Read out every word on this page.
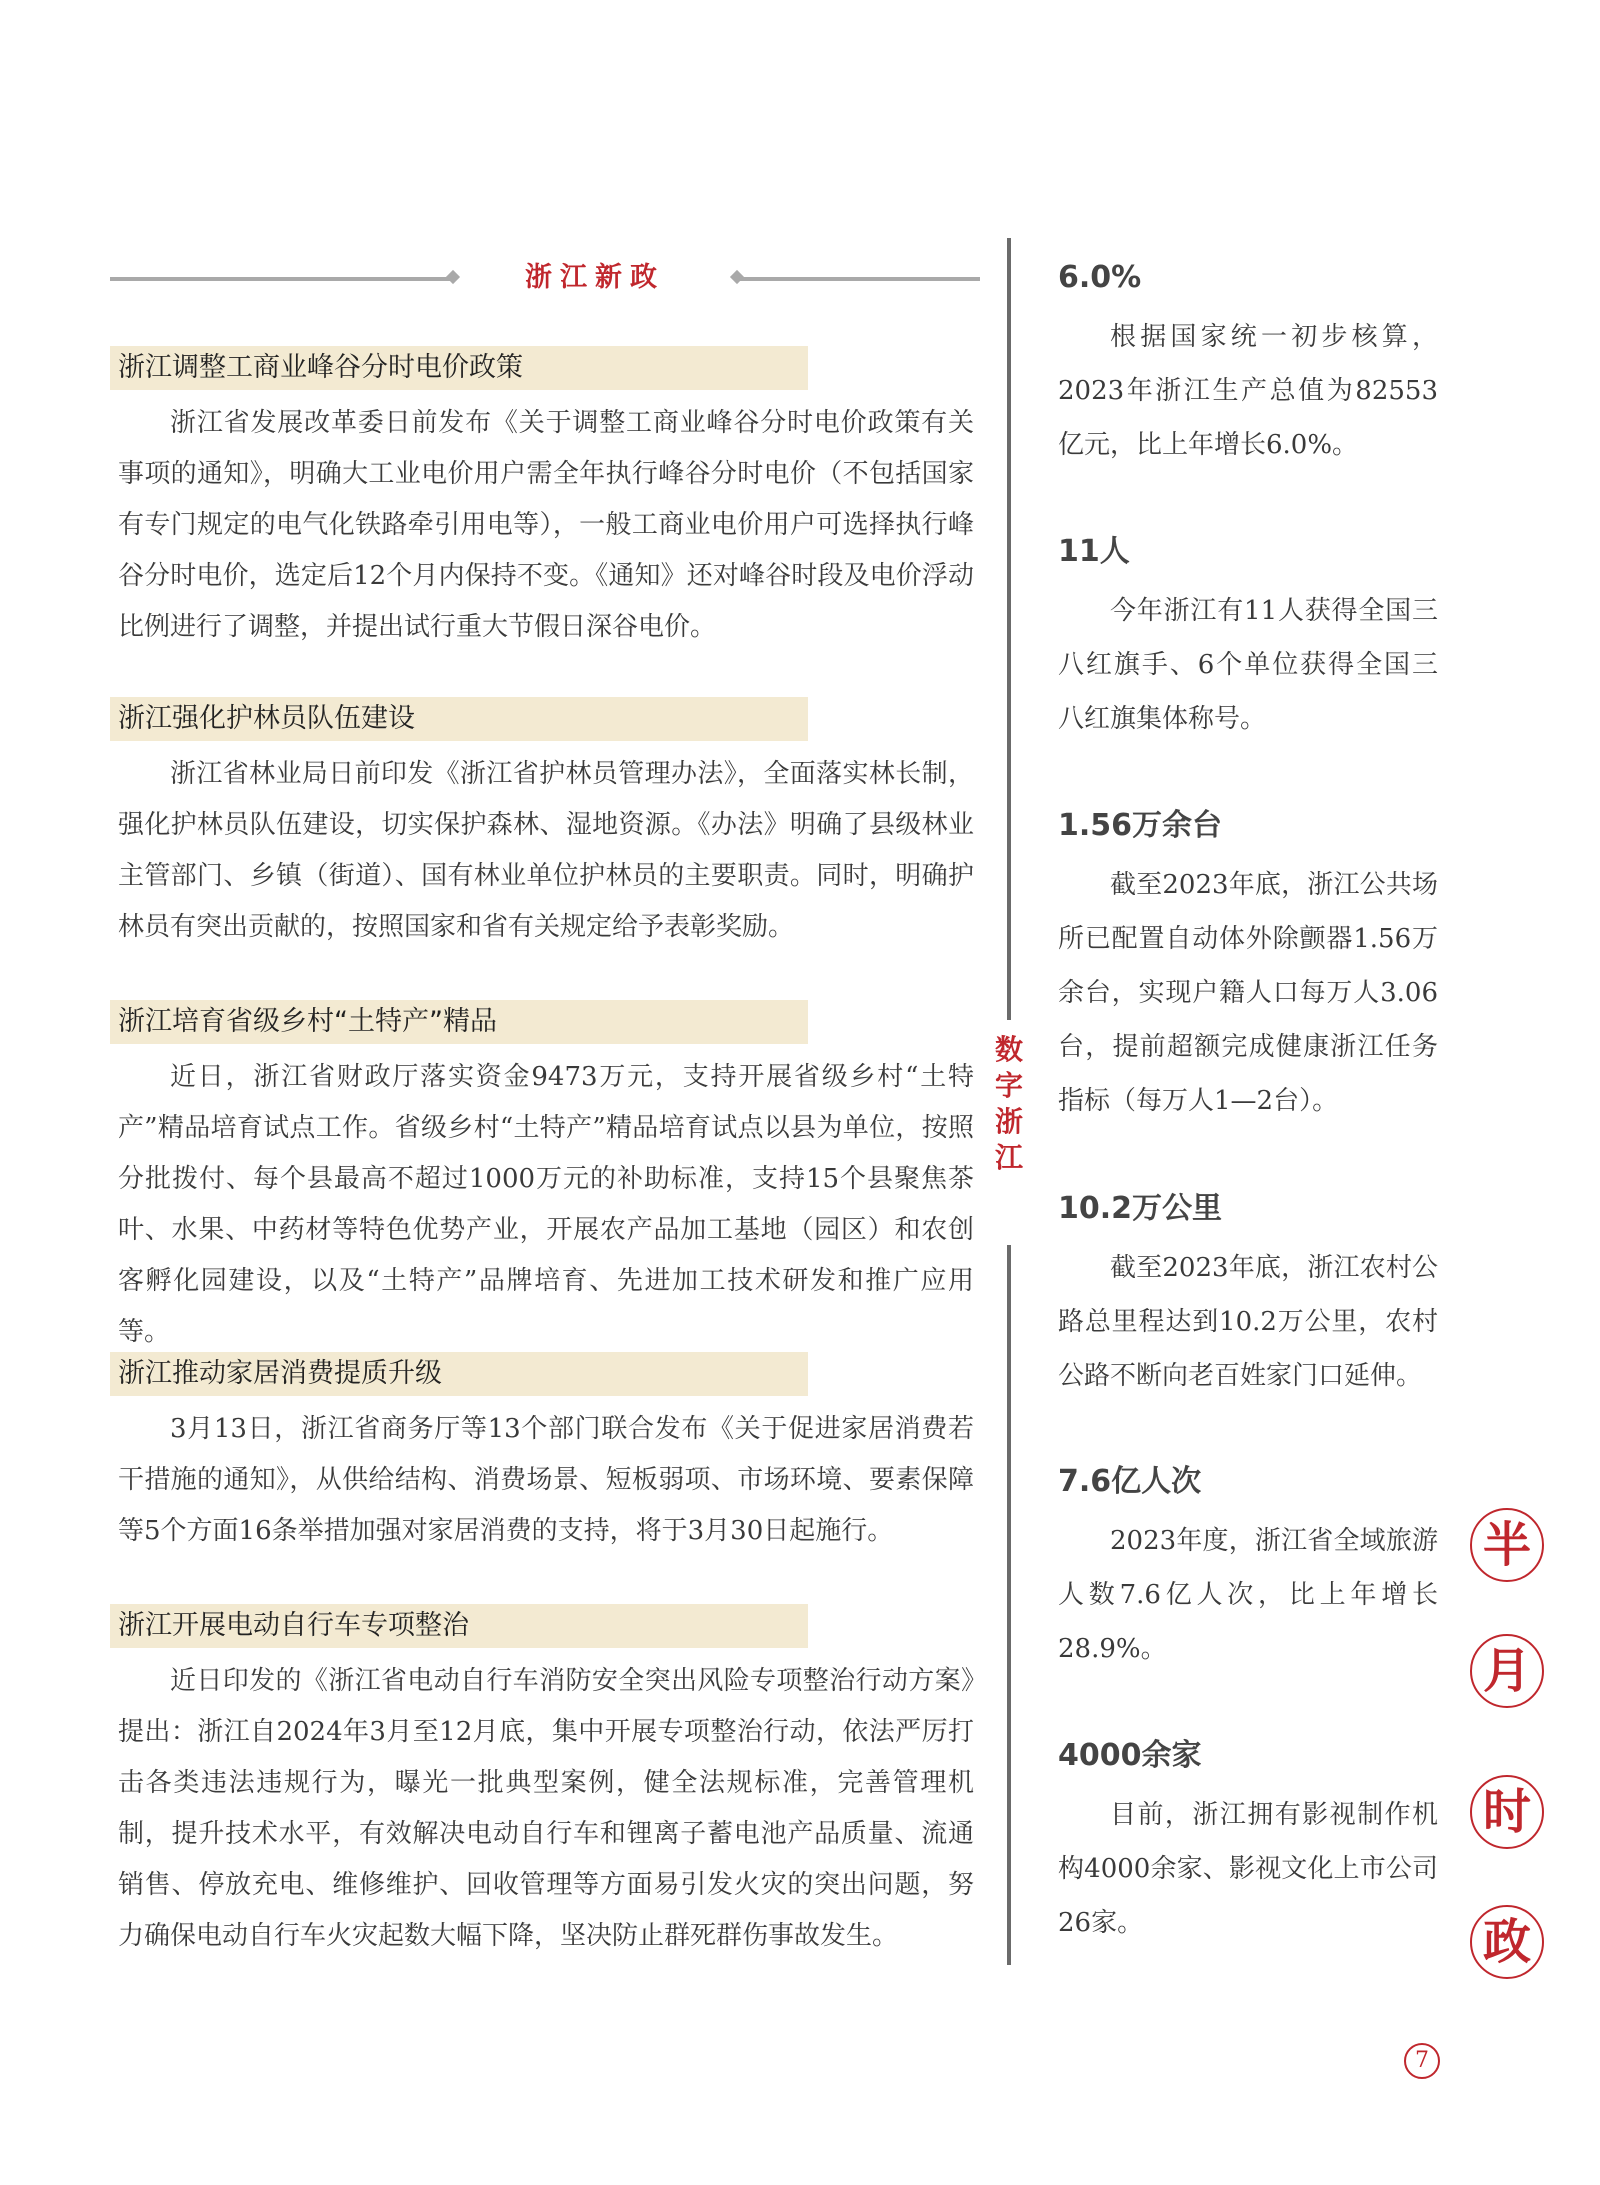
浙江新政
浙江调整工商业峰谷分时电价政策

浙江省发展改革委日前发布《关于调整工商业峰谷分时电价政策有关事项的通知》，明确大工业电价用户需全年执行峰谷分时电价（不包括国家有专门规定的电气化铁路牵引用电等），一般工商业电价用户可选择执行峰谷分时电价，选定后12个月内保持不变。《通知》还对峰谷时段及电价浮动比例进行了调整，并提出试行重大节假日深谷电价。

浙江强化护林员队伍建设

浙江省林业局日前印发《浙江省护林员管理办法》，全面落实林长制，强化护林员队伍建设，切实保护森林、湿地资源。《办法》明确了县级林业主管部门、乡镇（街道）、国有林业单位护林员的主要职责。同时，明确护林员有突出贡献的，按照国家和省有关规定给予表彰奖励。

浙江培育省级乡村“土特产”精品

近日，浙江省财政厅落实资金9473万元，支持开展省级乡村“土特产”精品培育试点工作。省级乡村“土特产”精品培育试点以县为单位，按照分批拨付、每个县最高不超过1000万元的补助标准，支持15个县聚焦茶叶、水果、中药材等特色优势产业，开展农产品加工基地（园区）和农创客孵化园建设，以及“土特产”品牌培育、先进加工技术研发和推广应用等。

浙江推动家居消费提质升级

3月13日，浙江省商务厅等13个部门联合发布《关于促进家居消费若干措施的通知》，从供给结构、消费场景、短板弱项、市场环境、要素保障等5个方面16条举措加强对家居消费的支持，将于3月30日起施行。

浙江开展电动自行车专项整治

近日印发的《浙江省电动自行车消防安全突出风险专项整治行动方案》提出：浙江自2024年3月至12月底，集中开展专项整治行动，依法严厉打击各类违法违规行为，曝光一批典型案例，健全法规标准，完善管理机制，提升技术水平，有效解决电动自行车和锂离子蓄电池产品质量、流通销售、停放充电、维修维护、回收管理等方面易引发火灾的突出问题，努力确保电动自行车火灾起数大幅下降，坚决防止群死群伤事故发生。

数字浙江
6.0%

根据国家统一初步核算，2023年浙江生产总值为82553亿元，比上年增长6.0%。

11人

今年浙江有11人获得全国三八红旗手、6个单位获得全国三八红旗集体称号。

1.56万余台

截至2023年底，浙江公共场所已配置自动体外除颤器1.56万余台，实现户籍人口每万人3.06台，提前超额完成健康浙江任务指标（每万人1—2台）。

10.2万公里

截至2023年底，浙江农村公路总里程达到10.2万公里，农村公路不断向老百姓家门口延伸。

7.6亿人次

2023年度，浙江省全域旅游人数7.6亿人次，比上年增长28.9%。

4000余家

目前，浙江拥有影视制作机构4000余家、影视文化上市公司26家。

半
月
时
政
7
